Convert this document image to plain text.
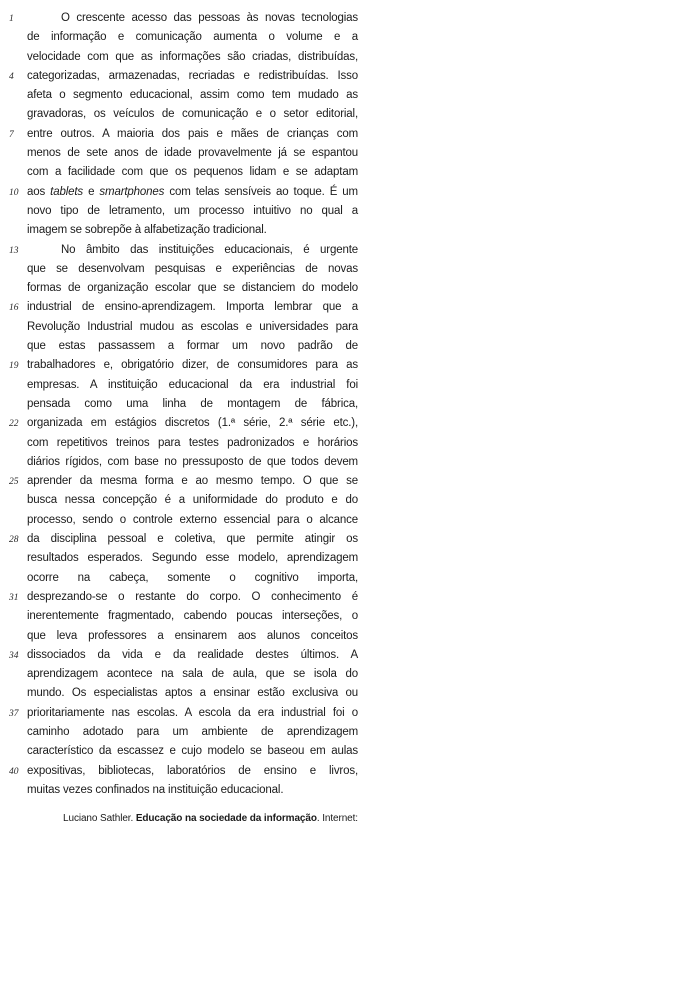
1	O crescente acesso das pessoas às novas tecnologias
de informação e comunicação aumenta o volume e a
velocidade com que as informações são criadas, distribuídas,
4	categorizadas, armazenadas, recriadas e redistribuídas. Isso
afeta o segmento educacional, assim como tem mudado as
gravadoras, os veículos de comunicação e o setor editorial,
7	entre outros. A maioria dos pais e mães de crianças com
menos de sete anos de idade provavelmente já se espantou
com a facilidade com que os pequenos lidam e se adaptam
10 aos tablets e smartphones com telas sensíveis ao toque. É um
novo tipo de letramento, um processo intuitivo no qual a
imagem se sobrepõe à alfabetização tradicional.
13	No âmbito das instituições educacionais, é urgente
que se desenvolvam pesquisas e experiências de novas
formas de organização escolar que se distanciem do modelo
16 industrial de ensino-aprendizagem. Importa lembrar que a
Revolução Industrial mudou as escolas e universidades para
que estas passassem a formar um novo padrão de
19 trabalhadores e, obrigatório dizer, de consumidores para as
empresas. A instituição educacional da era industrial foi
pensada como uma linha de montagem de fábrica,
22 organizada em estágios discretos (1.ª série, 2.ª série etc.),
com repetitivos treinos para testes padronizados e horários
diários rígidos, com base no pressuposto de que todos devem
25 aprender da mesma forma e ao mesmo tempo. O que se
busca nessa concepção é a uniformidade do produto e do
processo, sendo o controle externo essencial para o alcance
28 da disciplina pessoal e coletiva, que permite atingir os
resultados esperados. Segundo esse modelo, aprendizagem
ocorre na cabeça, somente o cognitivo importa,
31 desprezando-se o restante do corpo. O conhecimento é
inerentemente fragmentado, cabendo poucas interseções, o
que leva professores a ensinarem aos alunos conceitos
34 dissociados da vida e da realidade destes últimos. A
aprendizagem acontece na sala de aula, que se isola do
mundo. Os especialistas aptos a ensinar estão exclusiva ou
37 prioritariamente nas escolas. A escola da era industrial foi o
caminho adotado para um ambiente de aprendizagem
característico da escassez e cujo modelo se baseou em aulas
40 expositivas, bibliotecas, laboratórios de ensino e livros,
muitas vezes confinados na instituição educacional.
Luciano Sathler. Educação na sociedade da informação. Internet:
